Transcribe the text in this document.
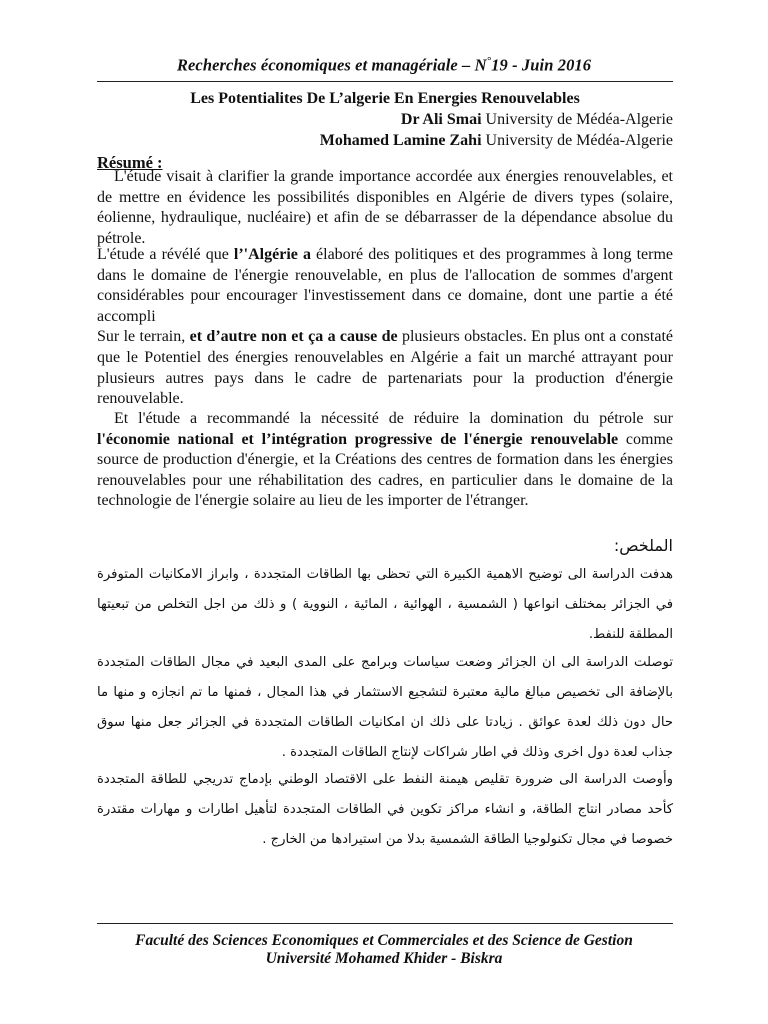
Recherches économiques et managériale – N°19 - Juin 2016
Les Potentialites De L’algerie En Energies Renouvelables
Dr Ali Smai University de Médéa-Algerie
Mohamed Lamine Zahi University de Médéa-Algerie
Résumé :

L'étude visait à clarifier la grande importance accordée aux énergies renouvelables, et de mettre en évidence les possibilités disponibles en Algérie de divers types (solaire, éolienne, hydraulique, nucléaire) et afin de se débarrasser de la dépendance absolue du pétrole.

L'étude a révélé que l’'Algérie a élaboré des politiques et des programmes à long terme dans le domaine de l'énergie renouvelable, en plus de l'allocation de sommes d'argent considérables pour encourager l'investissement dans ce domaine, dont une partie a été accompli

Sur le terrain, et d’autre non et ça a cause de plusieurs obstacles. En plus ont a constaté que le Potentiel des énergies renouvelables en Algérie a fait un marché attrayant pour plusieurs autres pays dans le cadre de partenariats pour la production d'énergie renouvelable.

Et l'étude a recommandé la nécessité de réduire la domination du pétrole sur l'économie national et l’intégration progressive de l'énergie renouvelable comme source de production d'énergie, et la Créations des centres de formation dans les énergies renouvelables pour une réhabilitation des cadres, en particulier dans le domaine de la technologie de l'énergie solaire au lieu de les importer de l'étranger.

الملخص:

هدفت الدراسة الى توضيح الاهمية الكبيرة التي تحظى بها الطاقات المتجددة ، وابراز الامكانيات المتوفرة في الجزائر بمختلف انواعها ( الشمسية ، الهوائية ، المائية ، النووية ) و ذلك من اجل التخلص من تبعيتها المطلقة للنفط.

توصلت الدراسة الى ان الجزائر وضعت سياسات وبرامج على المدى البعيد في مجال الطاقات المتجددة بالإضافة الى تخصيص مبالغ مالية معتبرة لتشجيع الاستثمار في هذا المجال ، فمنها ما تم انجازه و منها ما حال دون ذلك لعدة عوائق . زيادتا على ذلك ان امكانيات الطاقات المتجددة في الجزائر جعل منها سوق جذاب لعدة دول اخرى وذلك في اطار شراكات لإنتاج الطاقات المتجددة .

وأوصت الدراسة الى ضرورة تقليص هيمنة النفط على الاقتصاد الوطني بإدماج تدريجي للطاقة المتجددة كأحد مصادر انتاج الطاقة، و انشاء مراكز تكوين في الطاقات المتجددة لتأهيل اطارات و مهارات مقتدرة خصوصا في مجال تكنولوجيا الطاقة الشمسية بدلا من استيرادها من الخارج .

Faculté des Sciences Economiques et Commerciales et des Science de Gestion
Université Mohamed Khider - Biskra
